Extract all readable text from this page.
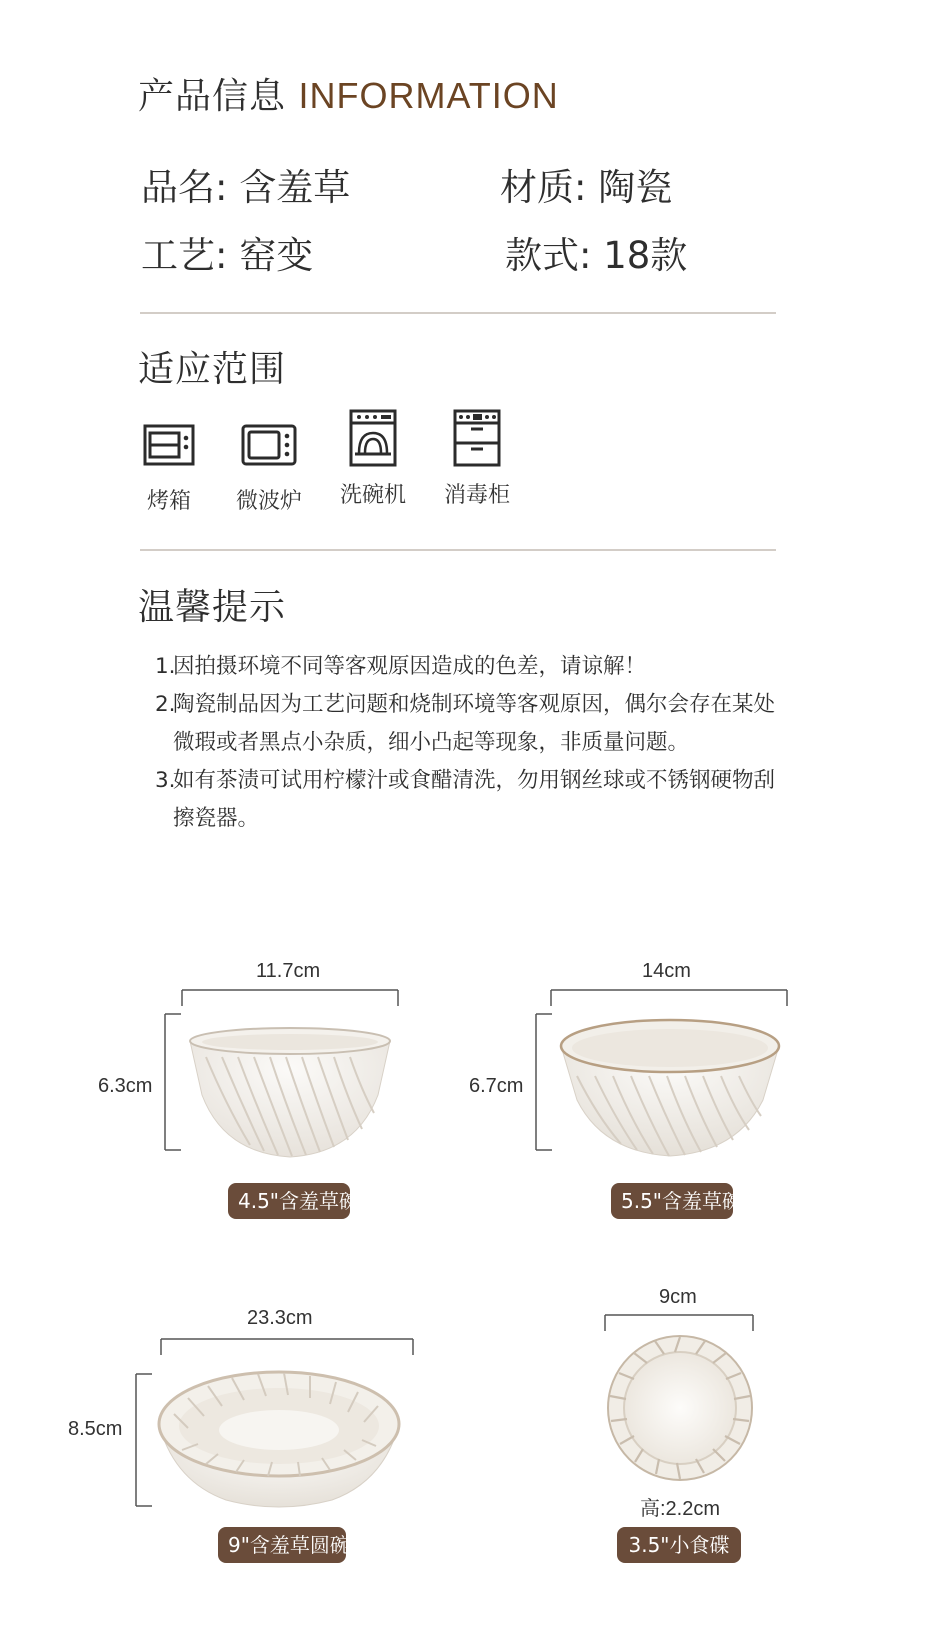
产品信息 INFORMATION
品名: 含羞草	材质: 陶瓷
工艺: 窑变	款式: 18款
适应范围
烤箱	微波炉	洗碗机	消毒柜
温馨提示
1.因拍摄环境不同等客观原因造成的色差，请谅解！
2.陶瓷制品因为工艺问题和烧制环境等客观原因，偶尔会存在某处
微瑕或者黑点小杂质，细小凸起等现象，非质量问题。
3.如有茶渍可试用柠檬汁或食醋清洗，勿用钢丝球或不锈钢硬物刮
擦瓷器。
11.7cm
6.3cm
4.5"含羞草碗
14cm
6.7cm
5.5"含羞草碗
23.3cm
8.5cm
9"含羞草圆碗
9cm
高:2.2cm
3.5"小食碟
